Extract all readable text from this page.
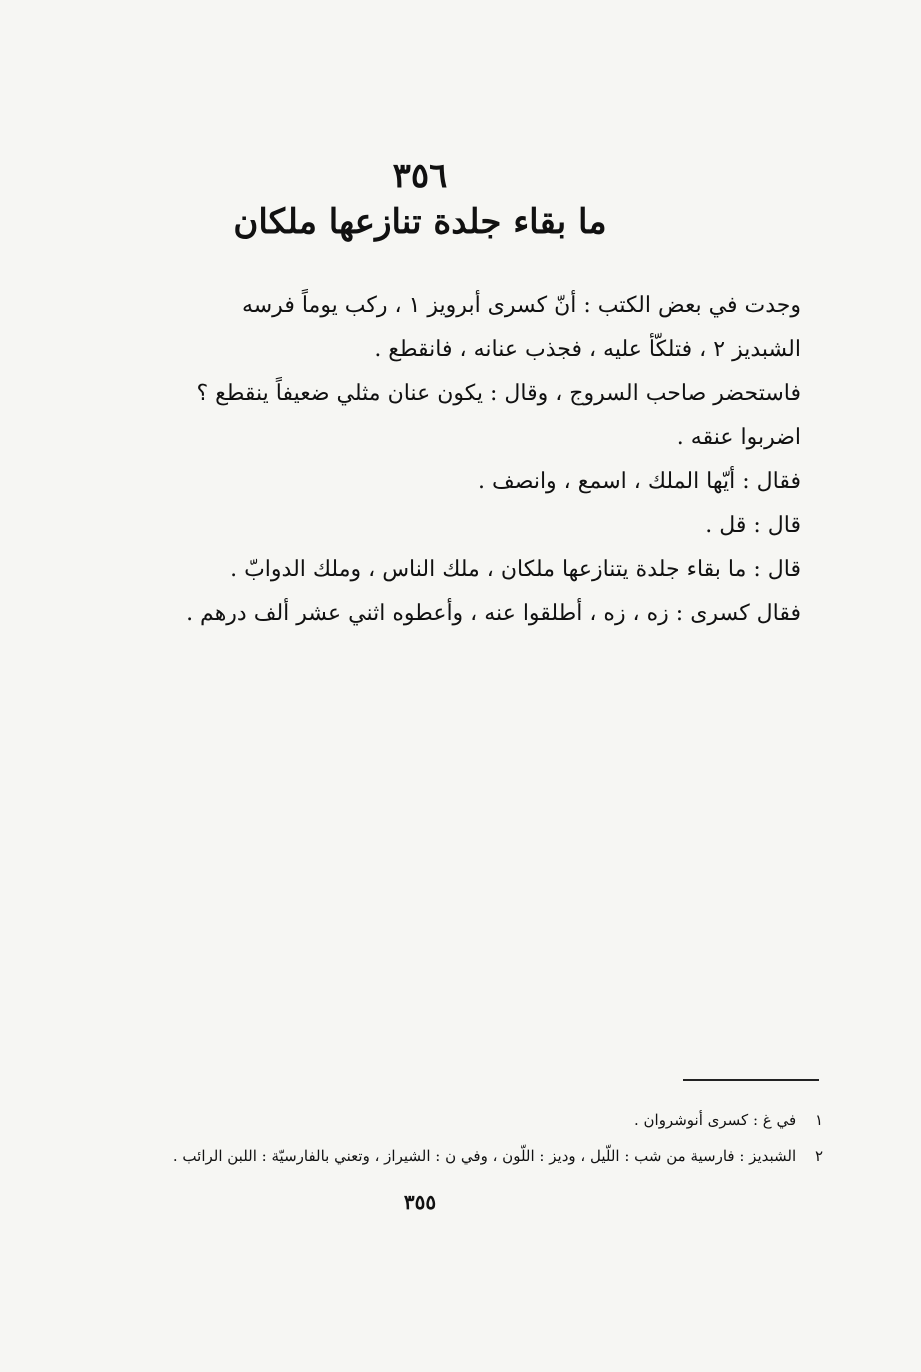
٣٥٦
ما بقاء جلدة تنازعها ملكان

وجدت في بعض الكتب : أنّ كسرى أبرويز ١ ، ركب يوماً فرسه الشبديز ٢ ، فتلكّأ عليه ، فجذب عنانه ، فانقطع .

فاستحضر صاحب السروج ، وقال : يكون عنان مثلي ضعيفاً ينقطع ؟ اضربوا عنقه .

فقال : أيّها الملك ، اسمع ، وانصف .

قال : قل .

قال : ما بقاء جلدة يتنازعها ملكان ، ملك الناس ، وملك الدوابّ .

فقال كسرى : زه ، زه ، أطلقوا عنه ، وأعطوه اثني عشر ألف درهم .

١ في غ : كسرى أنوشروان .

٢ الشبديز : فارسية من شب : اللّيل ، وديز : اللّون ، وفي ن : الشيراز ، وتعني بالفارسيّة : اللبن الرائب .

٣٥٥
